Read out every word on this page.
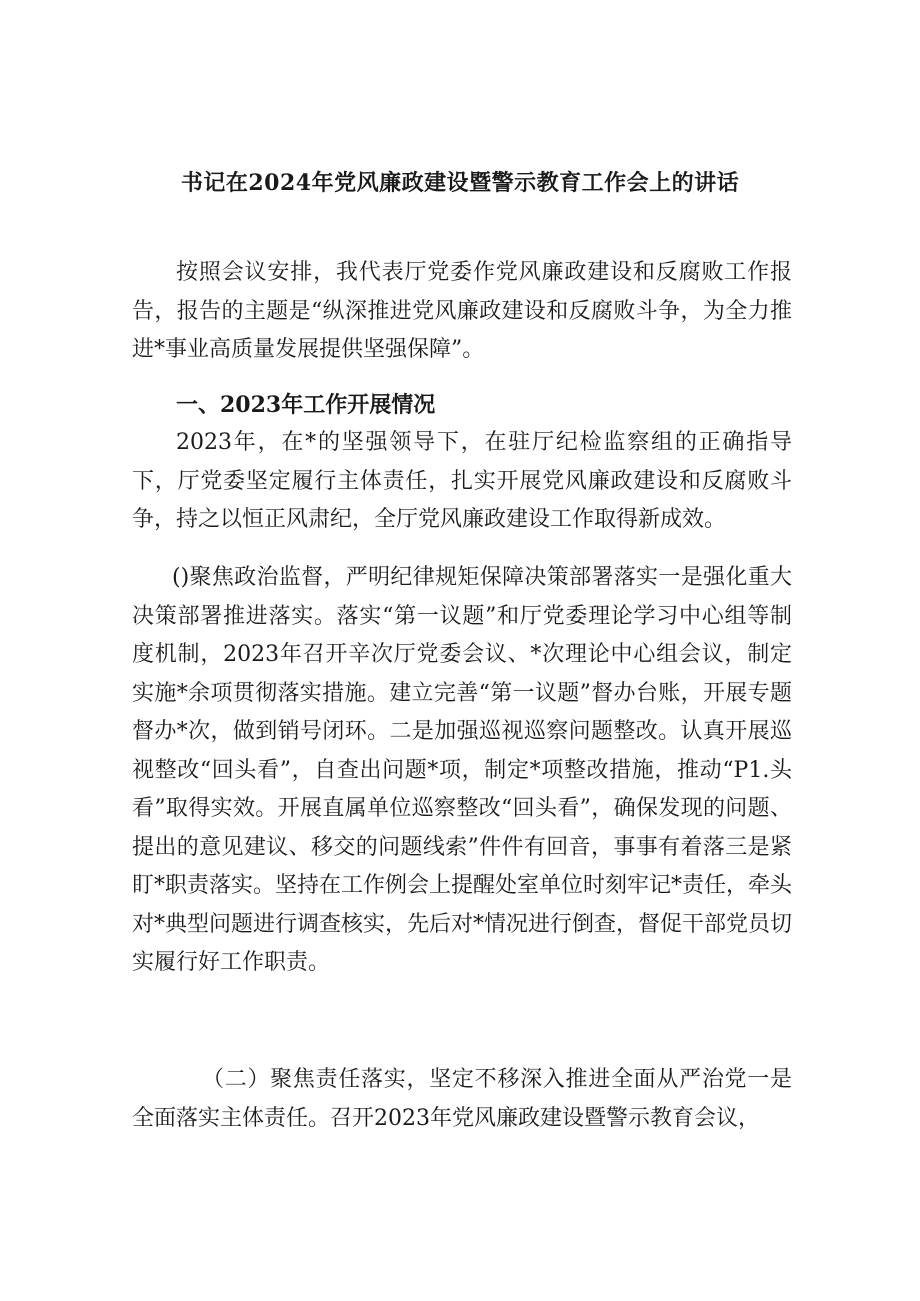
书记在2024年党风廉政建设暨警示教育工作会上的讲话

按照会议安排，我代表厅党委作党风廉政建设和反腐败工作报告，报告的主题是“纵深推进党风廉政建设和反腐败斗争，为全力推进*事业高质量发展提供坚强保障”。

一、2023年工作开展情况

2023年，在*的坚强领导下，在驻厅纪检监察组的正确指导下，厅党委坚定履行主体责任，扎实开展党风廉政建设和反腐败斗争，持之以恒正风肃纪，全厅党风廉政建设工作取得新成效。

()聚焦政治监督，严明纪律规矩保障决策部署落实一是强化重大决策部署推进落实。落实“第一议题”和厅党委理论学习中心组等制度机制，2023年召开辛次厅党委会议、*次理论中心组会议，制定实施*余项贯彻落实措施。建立完善“第一议题”督办台账，开展专题督办*次，做到销号闭环。二是加强巡视巡察问题整改。认真开展巡视整改“回头看”，自查出问题*项，制定*项整改措施，推动“P1.头看”取得实效。开展直属单位巡察整改“回头看”，确保发现的问题、提出的意见建议、移交的问题线索”件件有回音，事事有着落三是紧盯*职责落实。坚持在工作例会上提醒处室单位时刻牢记*责任，牵头对*典型问题进行调查核实，先后对*情况进行倒查，督促干部党员切实履行好工作职责。

（二）聚焦责任落实，坚定不移深入推进全面从严治党一是全面落实主体责任。召开2023年党风廉政建设暨警示教育会议，
